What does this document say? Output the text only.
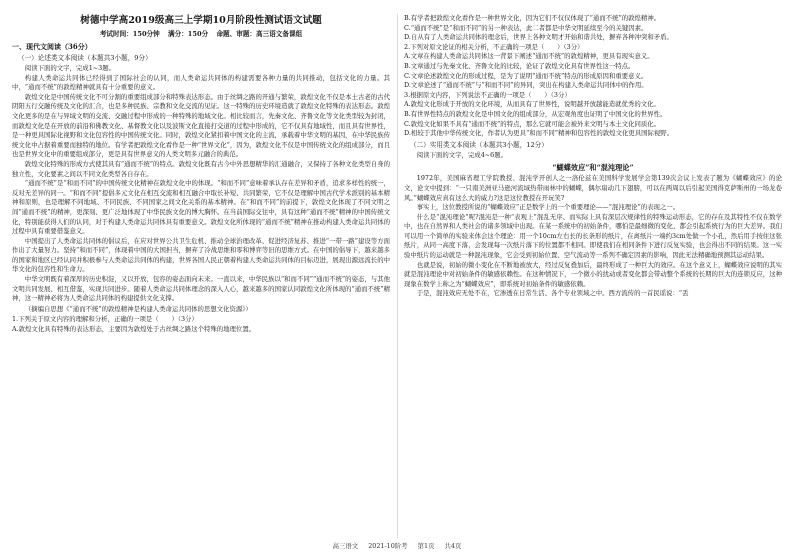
树德中学高2019级高三上学期10月阶段性测试语文试题
考试时间：150分钟 满分：150分 命题、审题：高三语文备课组
一、现代文阅读（36分）
（一）论述类文本阅读（本题共3小题，9分）

阅读下面的文字，完成1~3题。

构建人类命运共同体已经得到了国际社会的认同，而人类命运共同体的构建需要各种力量的共同推动，包括文化的力量。其中，“通而不统”的敦煌精神就具有十分重要的意义。

敦煌文化是中国传统文化不可分割的重要组成部分和特殊表达形态。由于丝绸之路的开通与繁荣，敦煌文化不仅是本土古老的古代阴阳五行交融传统及文化的汇合，也是多种民族、宗教和文化交流的见证。这一特殊的历史环境造就了敦煌文化特殊的表达形态。敦煌文化更多的是在与异域文明的交流、交融过程中形成的一种特殊的地域文化。相比较而言，先秦文化、齐鲁文化等文化类型较为封闭，而敦煌文化是在开放的前沿和佛教文化、基督教文化以及波斯文化直接打交道的过程中形成的，它不仅具有地域性，而且具有世界性，是一种更具国际化视野和文化包容性的中国传统文化。同时，敦煌文化紧扣着中国文化的主流，承载着中华文明的基因，在中华民族传统文化中占据着重要而独特的地位。有学者把敦煌文化看作是一种“世界文化”，因为，敦煌文化不仅是中国传统文化的组成部分，而且也是世界文化中的重要组成部分，更是具有世界意义的人类文明多元融合的典范。

敦煌文化特殊的形成方式使其具有“通而不统”的特点。敦煌文化既有古今中外思想精华的汇通融合，又保持了各种文化类型自身的独立性，文化要素之间以不同文化类型各自存在。

“通而不统”是“和而不同”的中国传统文化精神在敦煌文化中的体现。“和而不同”意味着承认存在差异和矛盾，追求多样性的统一，反对无差异的同一。“和而不同”提倡多元文化在相互交流和相互融合中取长补短、共同繁荣，它不仅是理解中国古代学术派别的基本精神和原则，也是理解不同地域、不同民族、不同国家之间文化关系的基本精神。在“和而不同”的前提下，敦煌文化体现了不同文明之间“通而不统”的精神，更深刻、更广泛地体现了中华民族文化的博大胸怀。在当前国际交往中，具有这种“通而不统”精神的中国传统文化，特别能获得人们的认同，对于构建人类命运共同体具有重要意义。敦煌文化所体现的“通而不统”精神在推动构建人类命运共同体的过程中具有重要借鉴意义。

中国提出了人类命运共同体的倡议后，在应对世界公共卫生危机、推动全球治理改革、促进经济复苏、推进“一带一路”建设等方面作出了大量努力。坚持“和而不同”，体现着中国的大国担当，摒弃了冷战思维和零和博弈等旧的思维方式。在中国的倡导下，越来越多的国家和地区已经认同并积极参与人类命运共同体的构建，世界各国人民正朝着构建人类命运共同体的目标迈进，展现出源远流长的中华文化的包容性和生命力。

中华文明既有着深厚的历史积淀，又以开放、包容的姿态面向未来。一直以来，中华民族以“和而不同”“通而不统”的姿态，与其他文明共同发展、相互借鉴，实现共同进步。随着人类命运共同体理念的深入人心，越来越多的国家认同敦煌文化所体现的“通而不统”精神，这一精神必将为人类命运共同体的构建提供文化支撑。

（摘编自思想《“通而不统”的敦煌精神是构建人类命运共同体的思想文化资源》）

1.下列关于原文内容的理解和分析，正确的一项是（　　）（3分）

A.敦煌文化具有特殊的表达形态，主要因为敦煌处于古丝绸之路这个特殊的地理位置。

B.有学者把敦煌文化看作是一种世界文化，因为它们不仅仅体现了“通而不统”的敦煌精神。

C.“通而不统”是“和而不同”的另一种表达，此二者都是中华文明延续至今的关键因素。

D.自从有了人类命运共同体的理念后，世界上各种文明才开始和谐共处，摒弃各种冲突和矛盾。

2.下列对原文论证的相关分析，不正确的一项是（　　）（3分）

A.文章在构建人类命运共同体这一背景下阐述“通而不统”的敦煌精神，更具有现实意义。

B.文章通过与先秦文化、齐鲁文化的比较，论证了敦煌文化具有世界性这一特点。

C.文章论述敦煌文化的形成过程，是为了说明“通而不统”特点的形成原因和重要意义。

D.文章论述了“通而不统”与“和而不同”的异同，突出在构建人类命运共同体中的作用。

3.根据原文内容，下列说法不正确的一项是（　　）（3分）

A.敦煌文化形成于开放的文化环境，从而具有了世界性，说明越开放越能造就优秀的文化。

B.有世界性特点的敦煌文化是中国文化的组成部分，从宏观角度也证明了中国文化的世界性。

C.敦煌文化如果不具有“通而不统”的特点，那么它就可能会被外来文明与本土文化同质化。

D.相较于其他中华传统文化，作者认为更具“和而不同”精神和包容性的敦煌文化更具国际视野。

（二）实用类文本阅读（本题共3小题，12分）

阅读下面的文字，完成4~6题。

“蝴蝶效应”和“混沌理论”

1972年，美国麻省理工学院教授、混沌学开创人之一洛伦兹在美国科学发展学会第139次会议上发表了题为《蝴蝶效应》的论文，论文中提到：“一只南美洲亚马逊河流域热带雨林中的蝴蝶，偶尔扇动几下翅膀，可以在两周以后引起美国得克萨斯州的一场龙卷风。”蝴蝶效应真有这么大的威力?这是这位教授在开玩笑?

事实上，这位教授所说的“蝴蝶效应”正是数学上的一个重要理论——“混沌理论”的表现之一。

什么是“混沌理论”呢?混沌是一种“表观上”混乱无序、而实际上具有深层次规律性的特殊运动形态，它的存在及其特性不仅在数学中，也在自然界和人类社会的诸多领域中出现。在某一系统中的初始条件，哪怕是最细微的变化，都会引起系统行为的巨大差异。我们可以用一个简单的实验来体会这个理论：用一个10cm左右长的长条形的纸片，在离纸片一端约3cm处做一个小孔，然后用手按住这张纸片，从同一高度下落，会发现每一次纸片落下的位置都不相同。即使我们在相同条件下进行反复实验，也会得出不同的结果。这一实验中纸片的运动就是一种混沌现象，它会受到初始位置、空气流动等一系列不确定因素的影响，因此无法精确地预测其运动结果。

也就是说，初始的微小变化在不断地被放大，经过反复叠加后，最终形成了一种巨大的效应。在这个意义上，蝴蝶效应说明的其实就是混沌理论中对初始条件的敏感依赖性。在这种情况下，一个微小的扰动或者变化都会带动整个系统的长期的巨大的连锁反应，这种现象在数学上称之为“蝴蝶效应”，即系统对初始条件的敏感依赖。

于是，混沌效应无处不在，它渗透在日常生活、各个专业领域之中。西方流传的一首民谣说：“丢

高三语文 2021-10阶考 第1页 共4页
